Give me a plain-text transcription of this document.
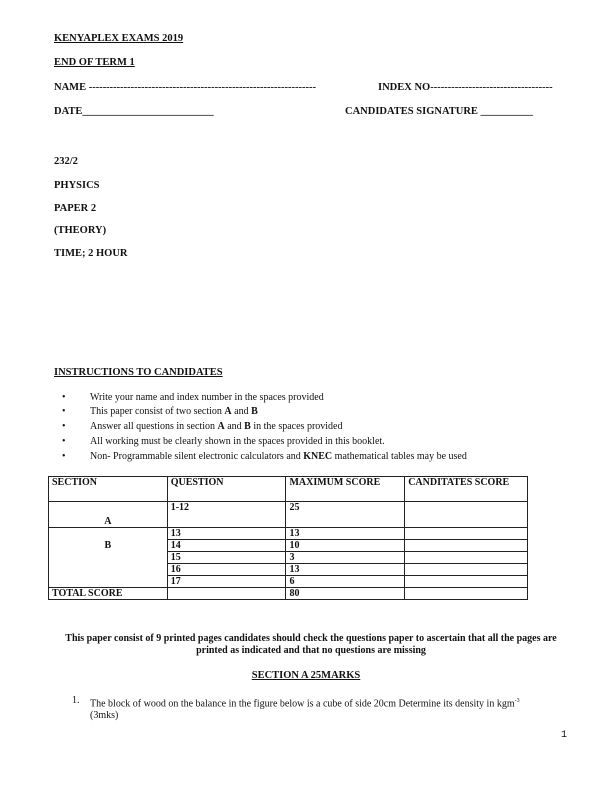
KENYAPLEX EXAMS 2019
END OF TERM 1
NAME -----------------------------------------------------------------	INDEX NO-----------------------------------
DATE_________________________	CANDIDATES SIGNATURE __________
232/2
PHYSICS
PAPER 2
(THEORY)
TIME; 2 HOUR
INSTRUCTIONS TO CANDIDATES
• Write your name and index number in the spaces provided
• This paper consist of two section A and B
• Answer all questions in section A and B in the spaces provided
• All working must be clearly shown in the spaces provided in this booklet.
• Non- Programmable silent electronic calculators and KNEC mathematical tables may be used
SECTION	QUESTION	MAXIMUM SCORE	CANDITATES SCORE
A	1-12	25	
B	13	13	
	14	10	
	15	3	
	16	13	
	17	6	
TOTAL SCORE		80	
This paper consist of 9 printed pages candidates should check the questions paper to ascertain that all the pages are printed as indicated and that no questions are missing
SECTION A 25MARKS
1. The block of wood on the balance in the figure below is a cube of side 20cm Determine its density in kgm$^{-3}$
(3mks)
1
